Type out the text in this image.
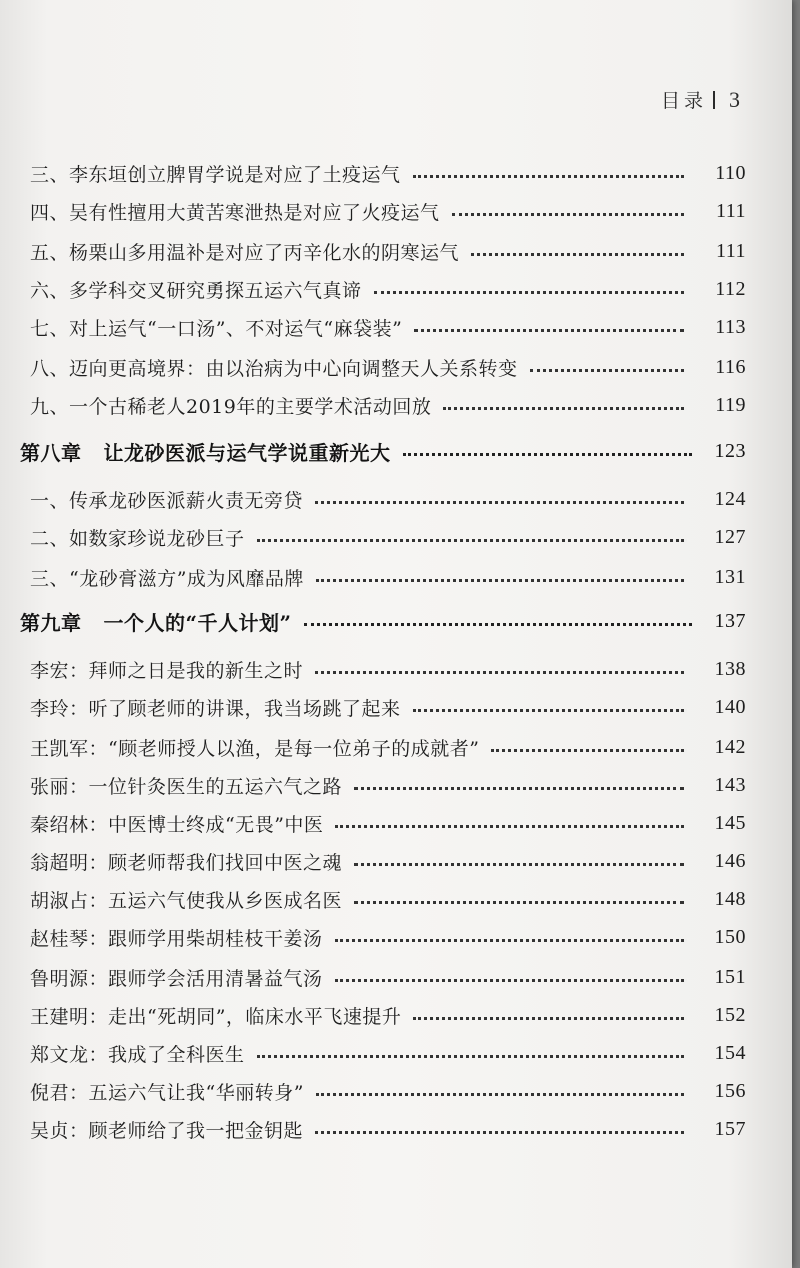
目录 3
三、李东垣创立脾胃学说是对应了土疫运气	110
四、吴有性擅用大黄苦寒泄热是对应了火疫运气	111
五、杨栗山多用温补是对应了丙辛化水的阴寒运气	111
六、多学科交叉研究勇探五运六气真谛	112
七、对上运气“一口汤”、不对运气“麻袋装”	113
八、迈向更高境界：由以治病为中心向调整天人关系转变	116
九、一个古稀老人2019年的主要学术活动回放	119
第八章 让龙砂医派与运气学说重新光大	123
一、传承龙砂医派薪火责无旁贷	124
二、如数家珍说龙砂巨子	127
三、“龙砂膏滋方”成为风靡品牌	131
第九章 一个人的“千人计划”	137
李宏：拜师之日是我的新生之时	138
李玲：听了顾老师的讲课，我当场跳了起来	140
王凯军：“顾老师授人以渔，是每一位弟子的成就者”	142
张丽：一位针灸医生的五运六气之路	143
秦绍林：中医博士终成“无畏”中医	145
翁超明：顾老师帮我们找回中医之魂	146
胡淑占：五运六气使我从乡医成名医	148
赵桂琴：跟师学用柴胡桂枝干姜汤	150
鲁明源：跟师学会活用清暑益气汤	151
王建明：走出“死胡同”，临床水平飞速提升	152
郑文龙：我成了全科医生	154
倪君：五运六气让我“华丽转身”	156
吴贞：顾老师给了我一把金钥匙	157
